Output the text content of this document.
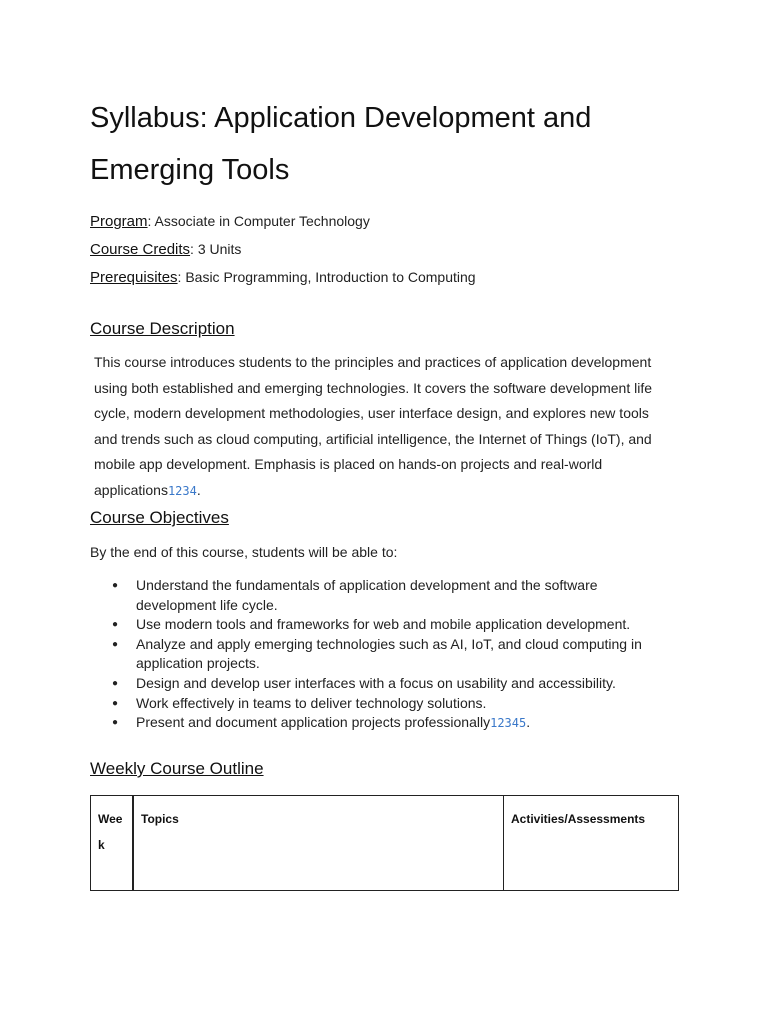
Syllabus: Application Development and Emerging Tools
Program: Associate in Computer Technology
Course Credits: 3 Units
Prerequisites: Basic Programming, Introduction to Computing
Course Description

This course introduces students to the principles and practices of application development using both established and emerging technologies. It covers the software development life cycle, modern development methodologies, user interface design, and explores new tools and trends such as cloud computing, artificial intelligence, the Internet of Things (IoT), and mobile app development. Emphasis is placed on hands-on projects and real-world applications1234.

Course Objectives
By the end of this course, students will be able to:
● Understand the fundamentals of application development and the software development life cycle.
● Use modern tools and frameworks for web and mobile application development.
● Analyze and apply emerging technologies such as AI, IoT, and cloud computing in application projects.
● Design and develop user interfaces with a focus on usability and accessibility.
● Work effectively in teams to deliver technology solutions.
● Present and document application projects professionally12345.
Weekly Course Outline
Week	Topics	Activities/Assessments
